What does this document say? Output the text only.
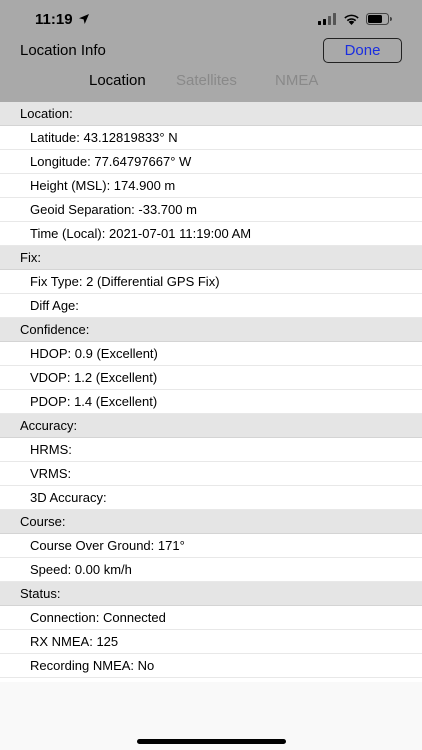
11:19
Location Info	Done
Location Satellites	NMEA
Location:
Latitude: 43.12819833° N
Longitude: 77.64797667° W
Height (MSL): 174.900 m
Geoid Separation: -33.700 m
Time (Local): 2021-07-01 11:19:00 AM
Fix:
Fix Type: 2 (Differential GPS Fix)
Diff Age:
Confidence:
HDOP: 0.9 (Excellent)
VDOP: 1.2 (Excellent)
PDOP: 1.4 (Excellent)
Accuracy:
HRMS:
VRMS:
3D Accuracy:
Course:
Course Over Ground: 171°
Speed: 0.00 km/h
Status:
Connection: Connected
RX NMEA: 125
Recording NMEA: No
